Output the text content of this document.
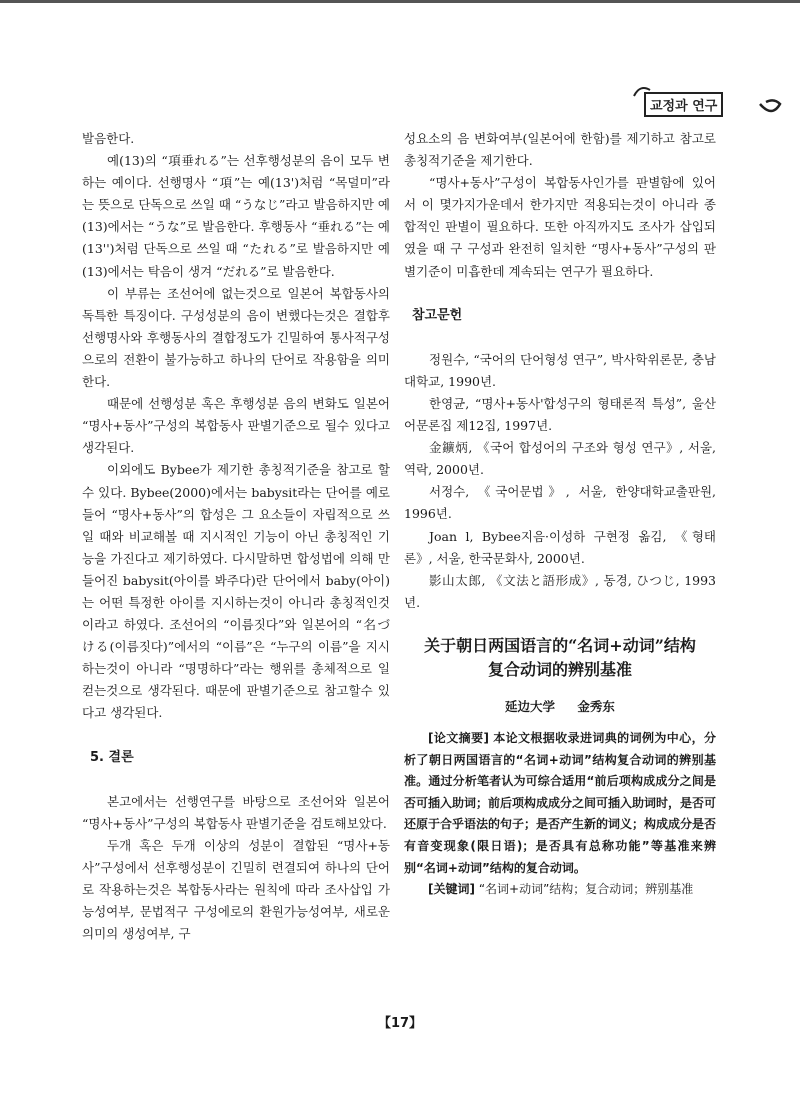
교정과 연구

발음한다.

예(13)의 “項垂れる”는 선후행성분의 음이 모두 변하는 예이다. 선행명사 “項”는 예(13')처럼 “목덜미”라는 뜻으로 단독으로 쓰일 때 “うなじ”라고 발음하지만 예(13)에서는 “うな”로 발음한다. 후행동사 “垂れる”는 예(13'')처럼 단독으로 쓰일 때 “たれる”로 발음하지만 예(13)에서는 탁음이 생겨 “だれる”로 발음한다.

이 부류는 조선어에 없는것으로 일본어 복합동사의 독특한 특징이다. 구성성분의 음이 변했다는것은 결합후 선행명사와 후행동사의 결합정도가 긴밀하여 통사적구성으로의 전환이 불가능하고 하나의 단어로 작용함을 의미한다.

때문에 선행성분 혹은 후행성분 음의 변화도 일본어 “명사+동사”구성의 복합동사 판별기준으로 될수 있다고 생각된다.

이외에도 Bybee가 제기한 총칭적기준을 참고로 할수 있다. Bybee(2000)에서는 babysit라는 단어를 예로 들어 “명사+동사”의 합성은 그 요소들이 자립적으로 쓰일 때와 비교해볼 때 지시적인 기능이 아닌 총칭적인 기능을 가진다고 제기하였다. 다시말하면 합성법에 의해 만들어진 babysit(아이를 봐주다)란 단어에서 baby(아이)는 어떤 특정한 아이를 지시하는것이 아니라 총칭적인것이라고 하였다. 조선어의 “이름짓다”와 일본어의 “名づける(이름짓다)”에서의 “이름”은 “누구의 이름”을 지시하는것이 아니라 “명명하다”라는 행위를 총체적으로 일컫는것으로 생각된다. 때문에 판별기준으로 참고할수 있다고 생각된다.

5. 결론

본고에서는 선행연구를 바탕으로 조선어와 일본어 “명사+동사”구성의 복합동사 판별기준을 검토해보았다.

두개 혹은 두개 이상의 성분이 결합된 “명사+동사”구성에서 선후행성분이 긴밀히 련결되여 하나의 단어로 작용하는것은 복합동사라는 원칙에 따라 조사삽입 가능성여부, 문법적구 구성에로의 환원가능성여부, 새로운 의미의 생성여부, 구

성요소의 음 변화여부(일본어에 한함)를 제기하고 참고로 총칭적기준을 제기한다.

“명사+동사”구성이 복합동사인가를 판별함에 있어서 이 몇가지가운데서 한가지만 적용되는것이 아니라 종합적인 판별이 필요하다. 또한 아직까지도 조사가 삽입되였을 때 구 구성과 완전히 일치한 “명사+동사”구성의 판별기준이 미흡한데 계속되는 연구가 필요하다.

참고문헌

정원수, “국어의 단어형성 연구”, 박사학위론문, 충남대학교, 1990년.

한영균, “명사+동사'합성구의 형태론적 특성”, 울산어문론집 제12집, 1997년.

金鑛炳, 《국어 합성어의 구조와 형성 연구》, 서울, 역락, 2000년.

서정수, 《국어문법》, 서울, 한양대학교출판원, 1996년.

Joan l, Bybee지음·이성하 구현정 옮김, 《형태론》, 서울, 한국문화사, 2000년.

影山太郎, 《文法と語形成》, 동경, ひつじ, 1993년.

关于朝日两国语言的“名词+动词”结构
复合动词的辨别基准
延边大学 金秀东

[论文摘要] 本论文根据收录进词典的词例为中心，分析了朝日两国语言的“名词+动词”结构复合动词的辨别基准。通过分析笔者认为可综合适用“前后项构成成分之间是否可插入助词；前后项构成成分之间可插入助词时，是否可还原于合乎语法的句子；是否产生新的词义；构成成分是否有音变现象(限日语)；是否具有总称功能”等基准来辨别“名词+动词”结构的复合动词。

[关键词] “名词+动词”结构；复合动词；辨别基准

【17】
